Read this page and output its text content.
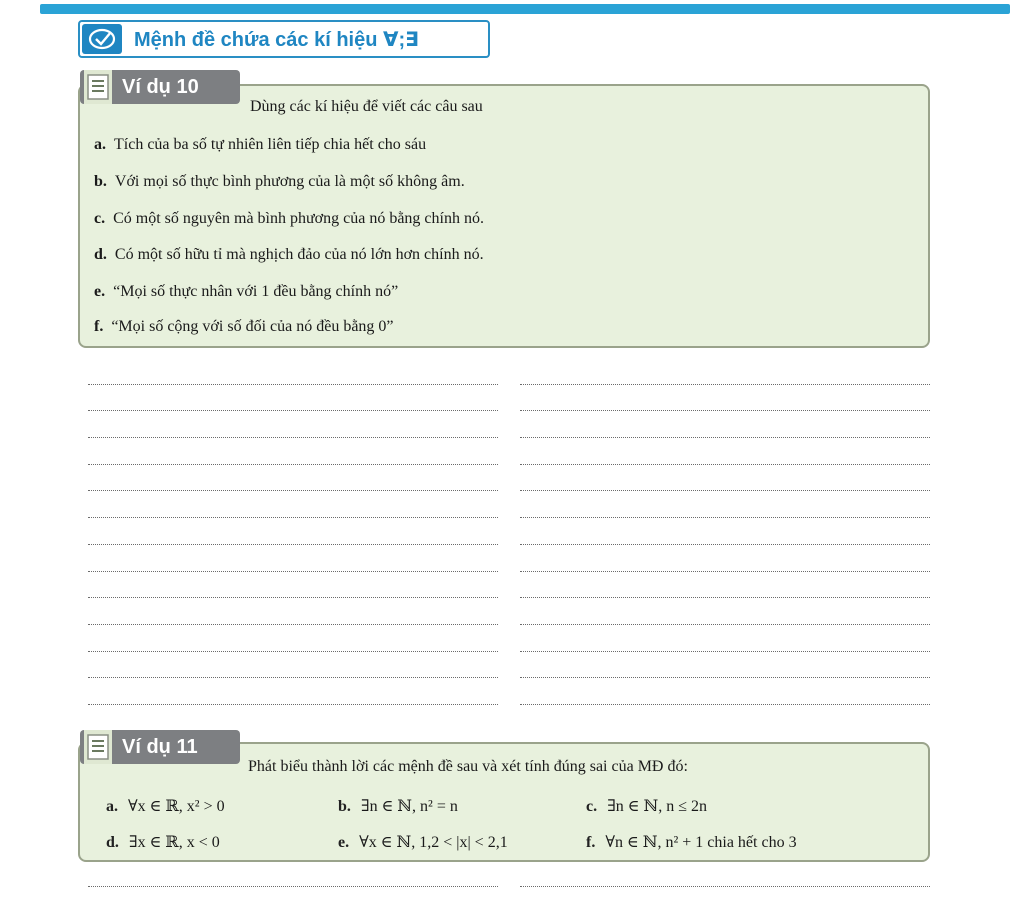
Mệnh đề chứa các kí hiệu ∀;∃
Dùng các kí hiệu để viết các câu sau
a. Tích của ba số tự nhiên liên tiếp chia hết cho sáu
b. Với mọi số thực bình phương của là một số không âm.
c. Có một số nguyên mà bình phương của nó bằng chính nó.
d. Có một số hữu tỉ mà nghịch đảo của nó lớn hơn chính nó.
e. “Mọi số thực nhân với 1 đều bằng chính nó”
f. “Mọi số cộng với số đối của nó đều bằng 0”
Ví dụ 10
Phát biểu thành lời các mệnh đề sau và xét tính đúng sai của MĐ đó:
a. ∀x ∈ ℝ, x² > 0	b. ∃n ∈ ℕ, n² = n	c. ∃n ∈ ℕ, n ≤ 2n
d. ∃x ∈ ℝ, x < 0	e. ∀x ∈ ℕ, 1,2 < |x| < 2,1	f. ∀n ∈ ℕ, n² + 1 chia hết cho 3
Ví dụ 11
